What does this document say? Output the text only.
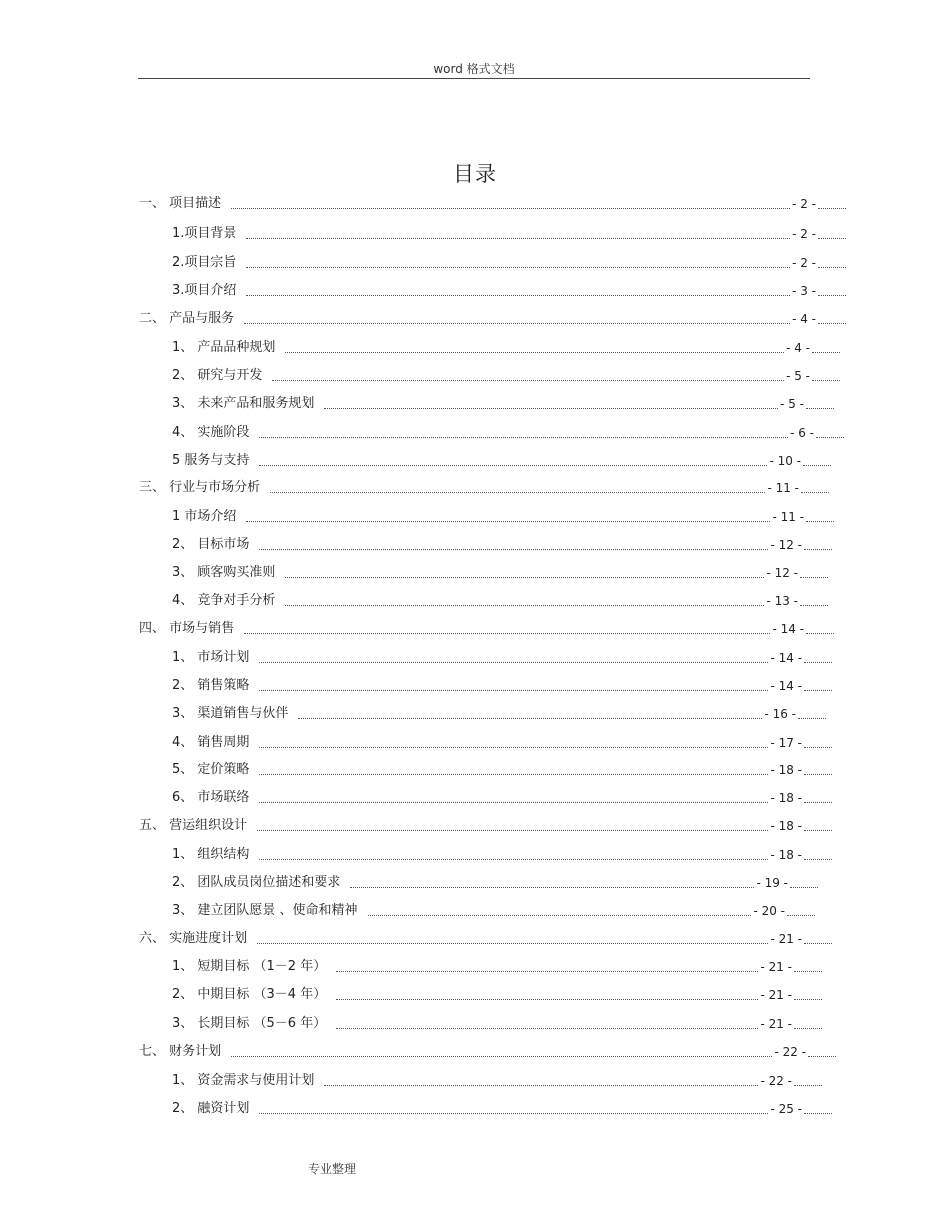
word 格式文档
目录
一、 项目描述	- 2 -
1.项目背景	- 2 -
2.项目宗旨	- 2 -
3.项目介绍	- 3 -
二、 产品与服务	- 4 -
1、 产品品种规划	- 4 -
2、 研究与开发	- 5 -
3、 未来产品和服务规划	- 5 -
4、 实施阶段	- 6 -
5 服务与支持	- 10 -
三、 行业与市场分析	- 11 -
1 市场介绍	- 11 -
2、 目标市场	- 12 -
3、 顾客购买准则	- 12 -
4、 竞争对手分析	- 13 -
四、 市场与销售	- 14 -
1、 市场计划	- 14 -
2、 销售策略	- 14 -
3、 渠道销售与伙伴	- 16 -
4、 销售周期	- 17 -
5、 定价策略	- 18 -
6、 市场联络	- 18 -
五、 营运组织设计	- 18 -
1、 组织结构	- 18 -
2、 团队成员岗位描述和要求	- 19 -
3、 建立团队愿景 、使命和精神	- 20 -
六、 实施进度计划	- 21 -
1、 短期目标 （1－2 年）	- 21 -
2、 中期目标 （3－4 年）	- 21 -
3、 长期目标 （5－6 年）	- 21 -
七、 财务计划	- 22 -
1、 资金需求与使用计划	- 22 -
2、 融资计划	- 25 -
专业整理
